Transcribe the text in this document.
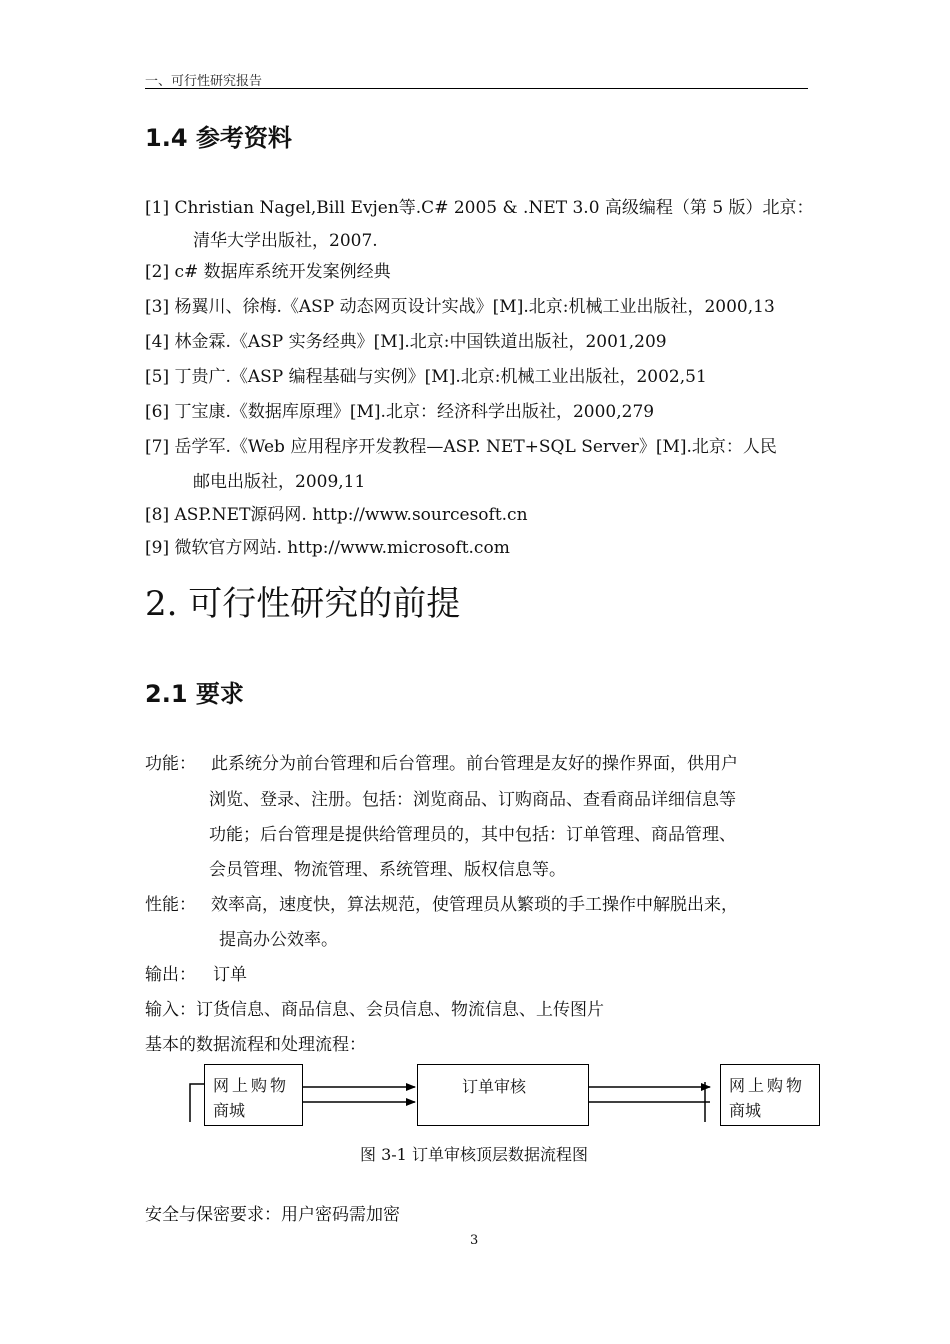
一、可行性研究报告
1.4 参考资料
[1] Christian Nagel,Bill Evjen等.C# 2005 & .NET 3.0 高级编程（第 5 版）北京：
清华大学出版社，2007.
[2] c# 数据库系统开发案例经典
[3] 杨翼川、徐梅.《ASP 动态网页设计实战》[M].北京:机械工业出版社，2000,13
[4] 林金霖.《ASP 实务经典》[M].北京:中国铁道出版社，2001,209
[5] 丁贵广.《ASP 编程基础与实例》[M].北京:机械工业出版社，2002,51
[6] 丁宝康.《数据库原理》[M].北京：经济科学出版社，2000,279
[7] 岳学军.《Web 应用程序开发教程—ASP. NET+SQL Server》[M].北京：人民
邮电出版社，2009,11
[8] ASP.NET源码网. http://www.sourcesoft.cn
[9] 微软官方网站. http://www.microsoft.com
2. 可行性研究的前提
2.1 要求
功能： 此系统分为前台管理和后台管理。前台管理是友好的操作界面，供用户
浏览、登录、注册。包括：浏览商品、订购商品、查看商品详细信息等
功能；后台管理是提供给管理员的，其中包括：订单管理、商品管理、
会员管理、物流管理、系统管理、版权信息等。
性能： 效率高，速度快，算法规范，使管理员从繁琐的手工操作中解脱出来，
提高办公效率。
输出： 订单
输入：订货信息、商品信息、会员信息、物流信息、上传图片
基本的数据流程和处理流程：
网上购物
商城
订单审核	网上购物
商城
图 3-1 订单审核顶层数据流程图
安全与保密要求：用户密码需加密
3
